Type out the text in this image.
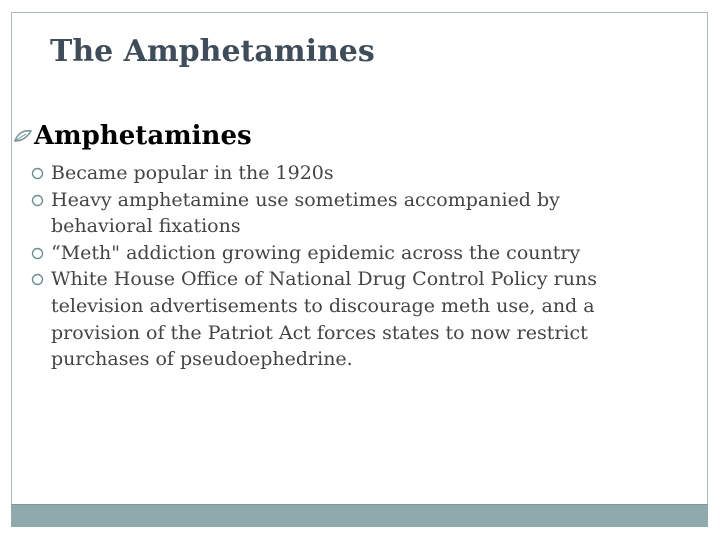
The Amphetamines
Amphetamines
Became popular in the 1920s
Heavy amphetamine use sometimes accompanied by behavioral fixations
“Meth" addiction growing epidemic across the country
White House Office of National Drug Control Policy runs television advertisements to discourage meth use, and a provision of the Patriot Act forces states to now restrict purchases of pseudoephedrine.
